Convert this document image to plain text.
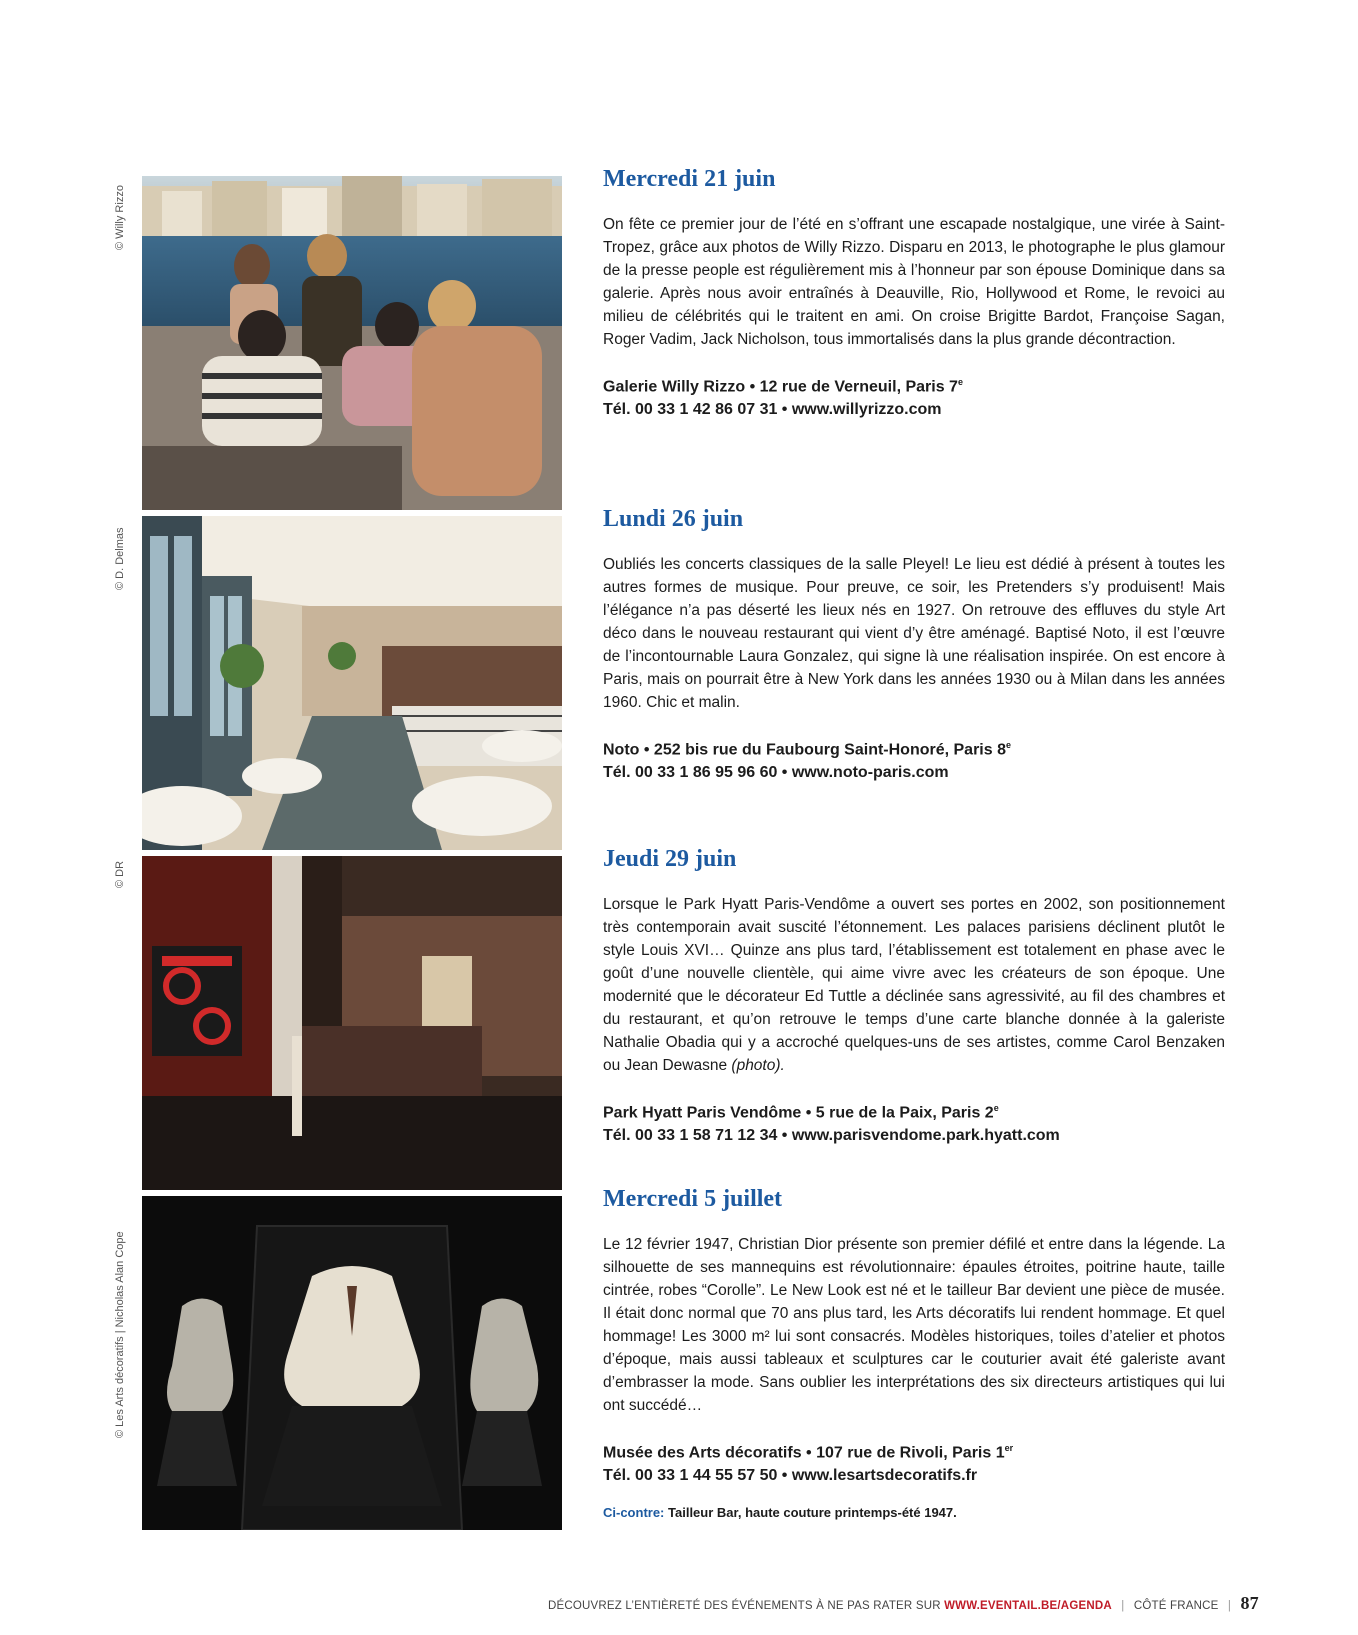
© Willy Rizzo
Mercredi 21 juin

On fête ce premier jour de l’été en s’offrant une escapade nostalgique, une virée à Saint-Tropez, grâce aux photos de Willy Rizzo. Disparu en 2013, le photographe le plus glamour de la presse people est régulièrement mis à l’honneur par son épouse Dominique dans sa galerie. Après nous avoir entraînés à Deauville, Rio, Hollywood et Rome, le revoici au milieu de célébrités qui le traitent en ami. On croise Brigitte Bardot, Françoise Sagan, Roger Vadim, Jack Nicholson, tous immortalisés dans la plus grande décontraction.

Galerie Willy Rizzo • 12 rue de Verneuil, Paris 7e

Tél. 00 33 1 42 86 07 31 • www.willyrizzo.com

© D. Delmas
Lundi 26 juin

Oubliés les concerts classiques de la salle Pleyel! Le lieu est dédié à présent à toutes les autres formes de musique. Pour preuve, ce soir, les Pretenders s’y produisent! Mais l’élégance n’a pas déserté les lieux nés en 1927. On retrouve des effluves du style Art déco dans le nouveau restaurant qui vient d’y être aménagé. Baptisé Noto, il est l’œuvre de l’incontournable Laura Gonzalez, qui signe là une réalisation inspirée. On est encore à Paris, mais on pourrait être à New York dans les années 1930 ou à Milan dans les années 1960. Chic et malin.

Noto • 252 bis rue du Faubourg Saint-Honoré, Paris 8e

Tél. 00 33 1 86 95 96 60 • www.noto-paris.com

© DR
Jeudi 29 juin

Lorsque le Park Hyatt Paris-Vendôme a ouvert ses portes en 2002, son positionnement très contemporain avait suscité l’étonnement. Les palaces parisiens déclinent plutôt le style Louis XVI… Quinze ans plus tard, l’établissement est totalement en phase avec le goût d’une nouvelle clientèle, qui aime vivre avec les créateurs de son époque. Une modernité que le décorateur Ed Tuttle a déclinée sans agressivité, au fil des chambres et du restaurant, et qu’on retrouve le temps d’une carte blanche donnée à la galeriste Nathalie Obadia qui y a accroché quelques-uns de ses artistes, comme Carol Benzaken ou Jean Dewasne (photo).

Park Hyatt Paris Vendôme • 5 rue de la Paix, Paris 2e

Tél. 00 33 1 58 71 12 34 • www.parisvendome.park.hyatt.com

© Les Arts décoratifs | Nicholas Alan Cope
Mercredi 5 juillet

Le 12 février 1947, Christian Dior présente son premier défilé et entre dans la légende. La silhouette de ses mannequins est révolutionnaire: épaules étroites, poitrine haute, taille cintrée, robes “Corolle”. Le New Look est né et le tailleur Bar devient une pièce de musée. Il était donc normal que 70 ans plus tard, les Arts décoratifs lui rendent hommage. Et quel hommage! Les 3000 m² lui sont consacrés. Modèles historiques, toiles d’atelier et photos d’époque, mais aussi tableaux et sculptures car le couturier avait été galeriste avant d’embrasser la mode. Sans oublier les interprétations des six directeurs artistiques qui lui ont succédé…

Musée des Arts décoratifs • 107 rue de Rivoli, Paris 1er

Tél. 00 33 1 44 55 57 50 • www.lesartsdecoratifs.fr

Ci-contre: Tailleur Bar, haute couture printemps-été 1947.
DÉCOUVREZ L’ENTIÈRETÉ DES ÉVÉNEMENTS À NE PAS RATER SUR WWW.EVENTAIL.BE/AGENDA | CÔTÉ FRANCE | 87
